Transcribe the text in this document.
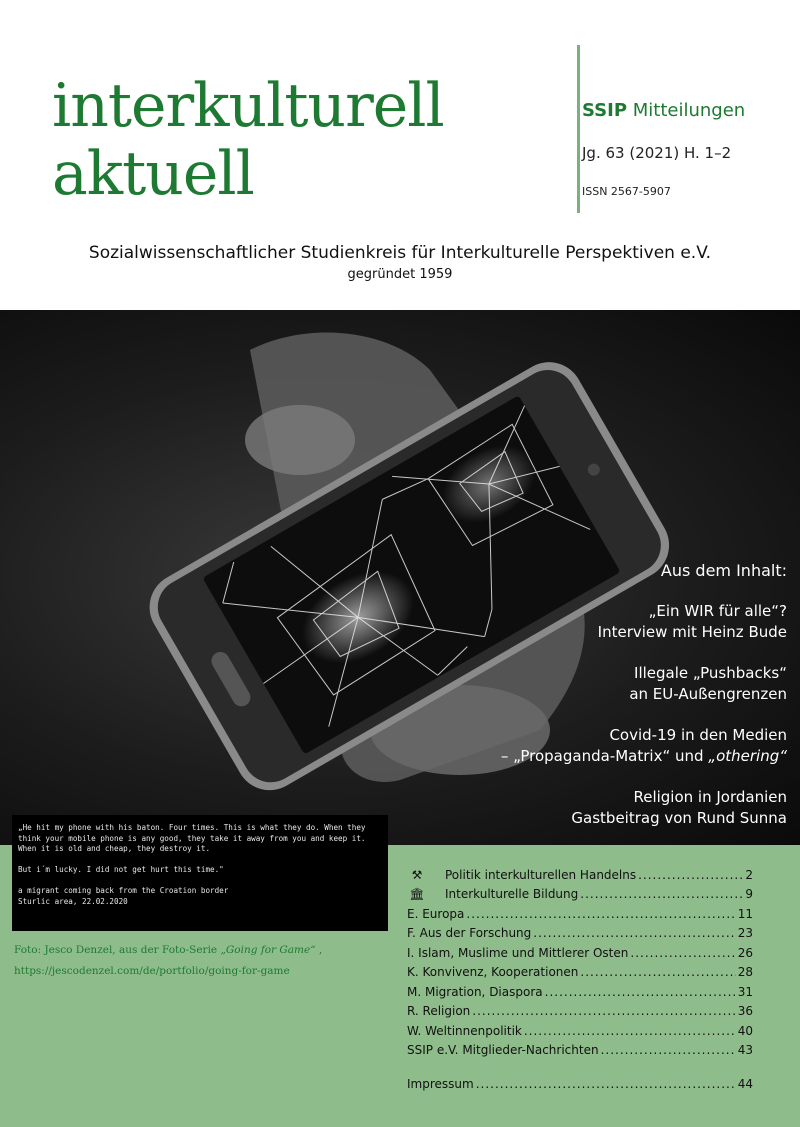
interkulturell
aktuell
SSIP Mitteilungen
Jg. 63 (2021) H. 1–2
ISSN 2567-5907
Sozialwissenschaftlicher Studienkreis für Interkulturelle Perspektiven e.V.
gegründet 1959
Aus dem Inhalt:
„Ein WIR für alle“?
Interview mit Heinz Bude
Illegale „Pushbacks“
an EU-Außengrenzen
Covid-19 in den Medien
– „Propaganda-Matrix“ und „othering“
Religion in Jordanien
Gastbeitrag von Rund Sunna

„He hit my phone with his baton. Four times. This is what they do. When they think your mobile phone is any good, they take it away from you and keep it. When it is old and cheap, they destroy it.

But i´m lucky. I did not get hurt this time."

a migrant coming back from the Croation border
Sturlic area, 22.02.2020

Foto: Jesco Denzel, aus der Foto-Serie „Going for Game“ ,
https://jescodenzel.com/de/portfolio/going-for-game
⚒ Politik interkulturellen Handelns .....	2
🏛 Interkulturelle Bildung .....	9
E. Europa .....	11
F. Aus der Forschung .....	23
I. Islam, Muslime und Mittlerer Osten .....	26
K. Konvivenz, Kooperationen .....	28
M. Migration, Diaspora .....	31
R. Religion .....	36
W. Weltinnenpolitik .....	40
SSIP e.V. Mitglieder-Nachrichten .....	43
Impressum .....	44
